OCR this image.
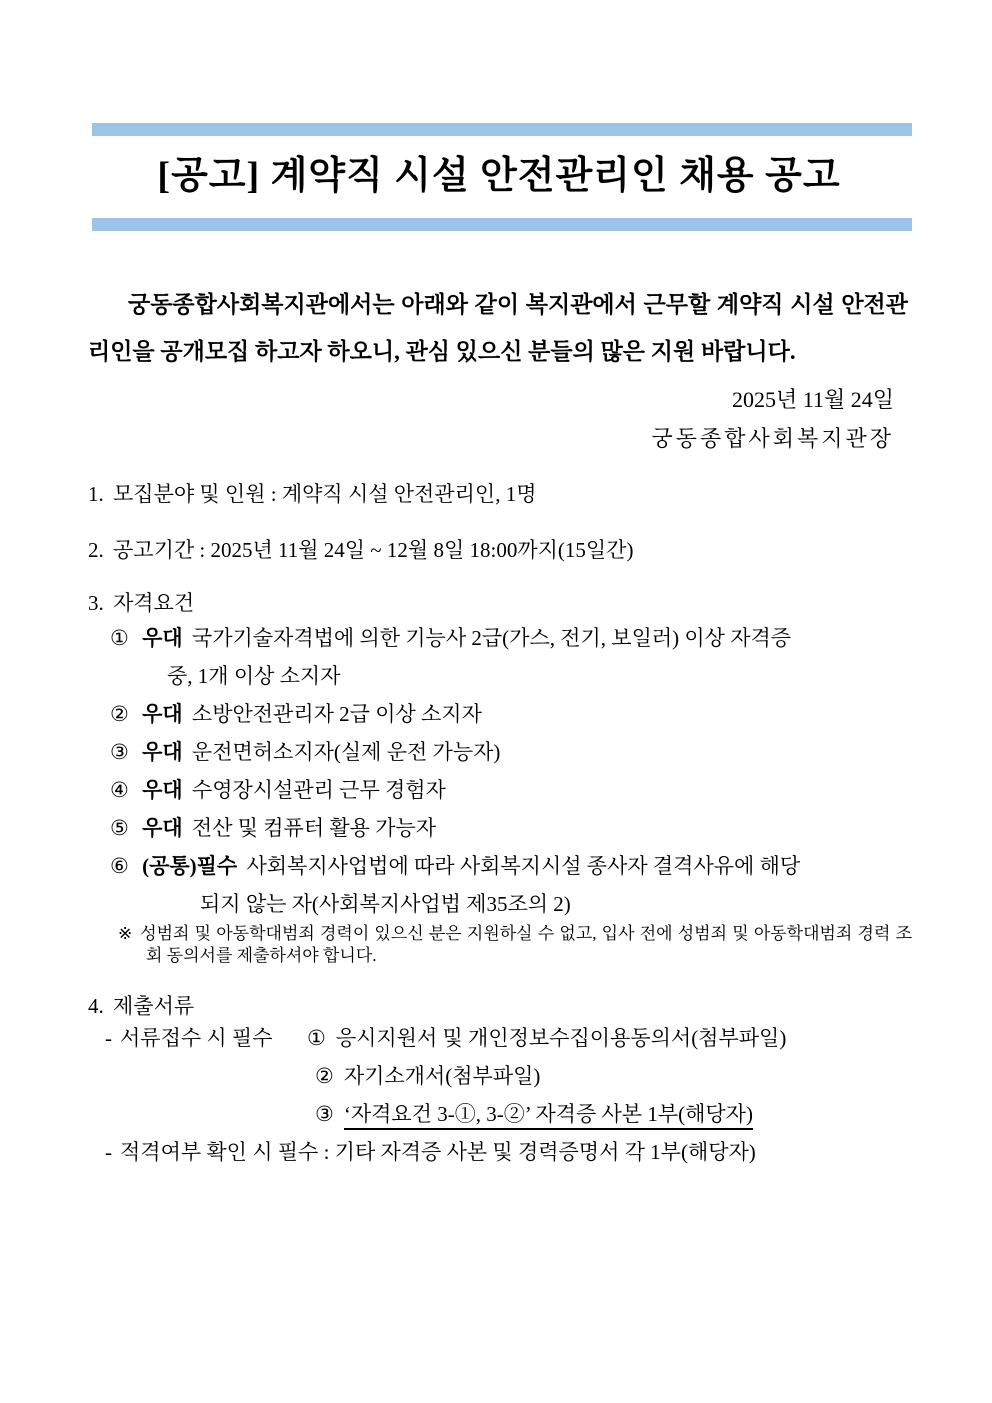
[공고] 계약직 시설 안전관리인 채용 공고

궁동종합사회복지관에서는 아래와 같이 복지관에서 근무할 계약직 시설 안전관리인을 공개모집 하고자 하오니, 관심 있으신 분들의 많은 지원 바랍니다.

2025년 11월 24일
궁동종합사회복지관장
1. 모집분야 및 인원 : 계약직 시설 안전관리인, 1명
2. 공고기간 : 2025년 11월 24일 ~ 12월 8일 18:00까지(15일간)
3. 자격요건
① 우대 국가기술자격법에 의한 기능사 2급(가스, 전기, 보일러) 이상 자격증
중, 1개 이상 소지자
② 우대 소방안전관리자 2급 이상 소지자
③ 우대 운전면허소지자(실제 운전 가능자)
④ 우대 수영장시설관리 근무 경험자
⑤ 우대 전산 및 컴퓨터 활용 가능자
⑥ (공통)필수 사회복지사업법에 따라 사회복지시설 종사자 결격사유에 해당
되지 않는 자(사회복지사업법 제35조의 2)
※ 성범죄 및 아동학대범죄 경력이 있으신 분은 지원하실 수 없고, 입사 전에 성범죄 및 아동학대범죄 경력 조회 동의서를 제출하셔야 합니다.
4. 제출서류
- 서류접수 시 필수 ① 응시지원서 및 개인정보수집이용동의서(첨부파일)
② 자기소개서(첨부파일)
③ ‘자격요건 3-①, 3-②’ 자격증 사본 1부(해당자)
- 적격여부 확인 시 필수 : 기타 자격증 사본 및 경력증명서 각 1부(해당자)
